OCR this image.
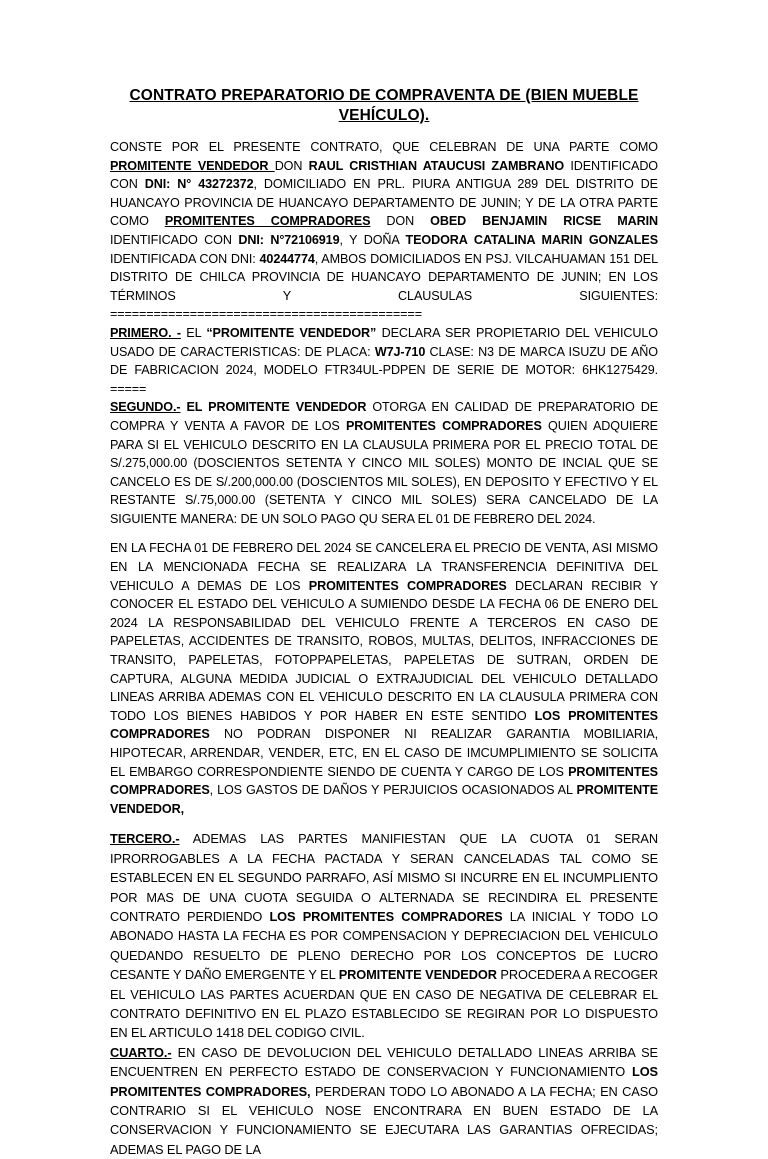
CONTRATO PREPARATORIO DE COMPRAVENTA DE (BIEN MUEBLE
VEHÍCULO).

CONSTE POR EL PRESENTE CONTRATO, QUE CELEBRAN DE UNA PARTE COMO PROMITENTE VENDEDOR DON RAUL CRISTHIAN ATAUCUSI ZAMBRANO IDENTIFICADO CON DNI: N° 43272372, DOMICILIADO EN PRL. PIURA ANTIGUA 289 DEL DISTRITO DE HUANCAYO PROVINCIA DE HUANCAYO DEPARTAMENTO DE JUNIN; Y DE LA OTRA PARTE COMO PROMITENTES COMPRADORES DON OBED BENJAMIN RICSE MARIN IDENTIFICADO CON DNI: N°72106919, Y DOÑA TEODORA CATALINA MARIN GONZALES IDENTIFICADA CON DNI: 40244774, AMBOS DOMICILIADOS EN PSJ. VILCAHUAMAN 151 DEL DISTRITO DE CHILCA PROVINCIA DE HUANCAYO DEPARTAMENTO DE JUNIN; EN LOS TÉRMINOS Y CLAUSULAS SIGUIENTES: ===========================================

PRIMERO. - EL “PROMITENTE VENDEDOR” DECLARA SER PROPIETARIO DEL VEHICULO USADO DE CARACTERISTICAS: DE PLACA: W7J-710 CLASE: N3 DE MARCA ISUZU DE AÑO DE FABRICACION 2024, MODELO FTR34UL-PDPEN DE SERIE DE MOTOR: 6HK1275429. =====

SEGUNDO.- EL PROMITENTE VENDEDOR OTORGA EN CALIDAD DE PREPARATORIO DE COMPRA Y VENTA A FAVOR DE LOS PROMITENTES COMPRADORES QUIEN ADQUIERE PARA SI EL VEHICULO DESCRITO EN LA CLAUSULA PRIMERA POR EL PRECIO TOTAL DE S/.275,000.00 (DOSCIENTOS SETENTA Y CINCO MIL SOLES) MONTO DE INCIAL QUE SE CANCELO ES DE S/.200,000.00 (DOSCIENTOS MIL SOLES), EN DEPOSITO Y EFECTIVO Y EL RESTANTE S/.75,000.00 (SETENTA Y CINCO MIL SOLES) SERA CANCELADO DE LA SIGUIENTE MANERA: DE UN SOLO PAGO QU SERA EL 01 DE FEBRERO DEL 2024.

EN LA FECHA 01 DE FEBRERO DEL 2024 SE CANCELERA EL PRECIO DE VENTA, ASI MISMO EN LA MENCIONADA FECHA SE REALIZARA LA TRANSFERENCIA DEFINITIVA DEL VEHICULO A DEMAS DE LOS PROMITENTES COMPRADORES DECLARAN RECIBIR Y CONOCER EL ESTADO DEL VEHICULO A SUMIENDO DESDE LA FECHA 06 DE ENERO DEL 2024 LA RESPONSABILIDAD DEL VEHICULO FRENTE A TERCEROS EN CASO DE PAPELETAS, ACCIDENTES DE TRANSITO, ROBOS, MULTAS, DELITOS, INFRACCIONES DE TRANSITO, PAPELETAS, FOTOPPAPELETAS, PAPELETAS DE SUTRAN, ORDEN DE CAPTURA, ALGUNA MEDIDA JUDICIAL O EXTRAJUDICIAL DEL VEHICULO DETALLADO LINEAS ARRIBA ADEMAS CON EL VEHICULO DESCRITO EN LA CLAUSULA PRIMERA CON TODO LOS BIENES HABIDOS Y POR HABER EN ESTE SENTIDO LOS PROMITENTES COMPRADORES NO PODRAN DISPONER NI REALIZAR GARANTIA MOBILIARIA, HIPOTECAR, ARRENDAR, VENDER, ETC, EN EL CASO DE IMCUMPLIMIENTO SE SOLICITA EL EMBARGO CORRESPONDIENTE SIENDO DE CUENTA Y CARGO DE LOS PROMITENTES COMPRADORES, LOS GASTOS DE DAÑOS Y PERJUICIOS OCASIONADOS AL PROMITENTE VENDEDOR,

TERCERO.- ADEMAS LAS PARTES MANIFIESTAN QUE LA CUOTA 01 SERAN IPRORROGABLES A LA FECHA PACTADA Y SERAN CANCELADAS TAL COMO SE ESTABLECEN EN EL SEGUNDO PARRAFO, ASÍ MISMO SI INCURRE EN EL INCUMPLIENTO POR MAS DE UNA CUOTA SEGUIDA O ALTERNADA SE RECINDIRA EL PRESENTE CONTRATO PERDIENDO LOS PROMITENTES COMPRADORES LA INICIAL Y TODO LO ABONADO HASTA LA FECHA ES POR COMPENSACION Y DEPRECIACION DEL VEHICULO QUEDANDO RESUELTO DE PLENO DERECHO POR LOS CONCEPTOS DE LUCRO CESANTE Y DAÑO EMERGENTE Y EL PROMITENTE VENDEDOR PROCEDERA A RECOGER EL VEHICULO LAS PARTES ACUERDAN QUE EN CASO DE NEGATIVA DE CELEBRAR EL CONTRATO DEFINITIVO EN EL PLAZO ESTABLECIDO SE REGIRAN POR LO DISPUESTO EN EL ARTICULO 1418 DEL CODIGO CIVIL.

CUARTO.- EN CASO DE DEVOLUCION DEL VEHICULO DETALLADO LINEAS ARRIBA SE ENCUENTREN EN PERFECTO ESTADO DE CONSERVACION Y FUNCIONAMIENTO LOS PROMITENTES COMPRADORES, PERDERAN TODO LO ABONADO A LA FECHA; EN CASO CONTRARIO SI EL VEHICULO NOSE ENCONTRARA EN BUEN ESTADO DE LA CONSERVACION Y FUNCIONAMIENTO SE EJECUTARA LAS GARANTIAS OFRECIDAS; ADEMAS EL PAGO DE LA
